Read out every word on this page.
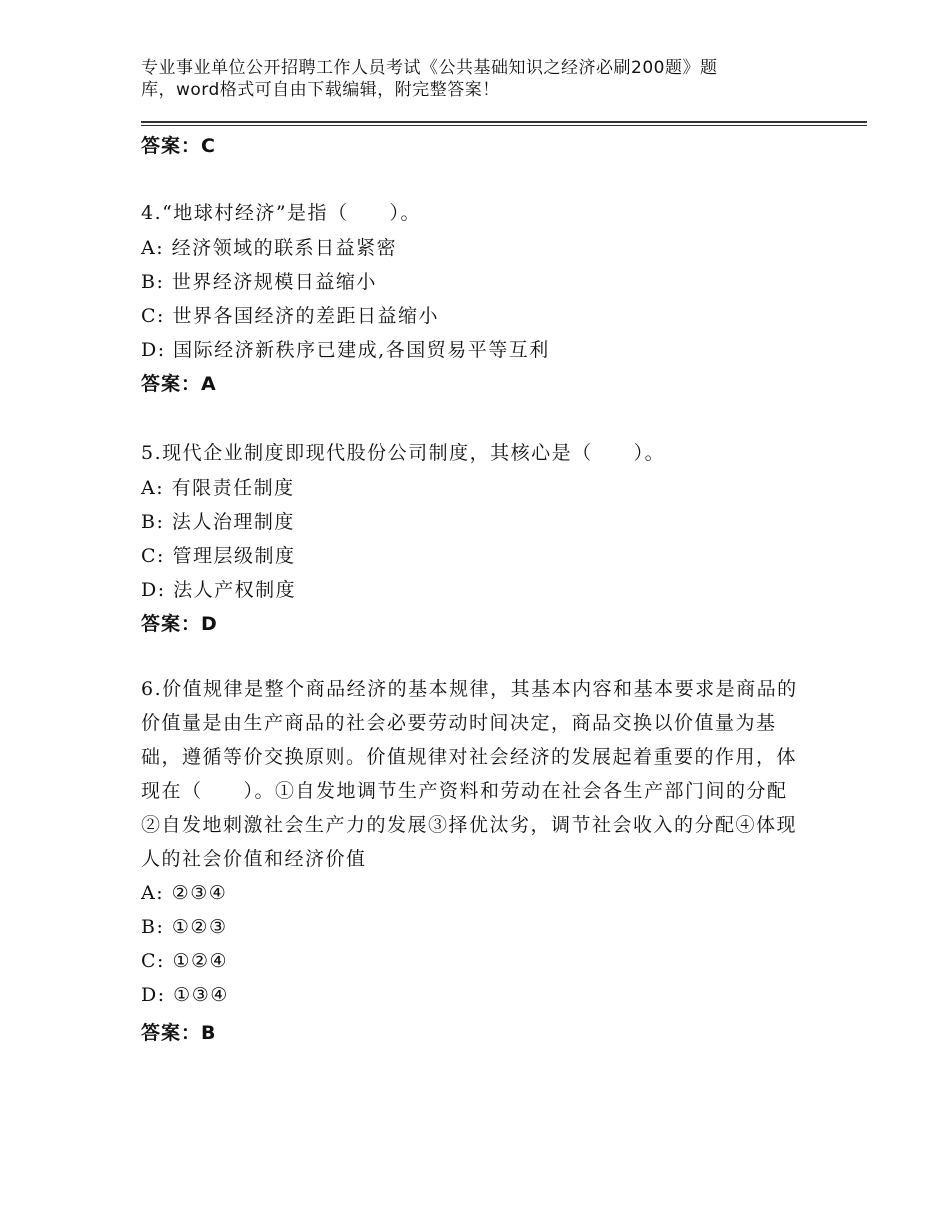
专业事业单位公开招聘工作人员考试《公共基础知识之经济必刷200题》题
库，word格式可自由下载编辑，附完整答案！
答案：C
4.“地球村经济”是指（　　）。
A: 经济领域的联系日益紧密
B: 世界经济规模日益缩小
C: 世界各国经济的差距日益缩小
D: 国际经济新秩序已建成,各国贸易平等互利
答案：A
5.现代企业制度即现代股份公司制度，其核心是（　　）。
A: 有限责任制度
B: 法人治理制度
C: 管理层级制度
D: 法人产权制度
答案：D
6.价值规律是整个商品经济的基本规律，其基本内容和基本要求是商品的价值量是由生产商品的社会必要劳动时间决定，商品交换以价值量为基础，遵循等价交换原则。价值规律对社会经济的发展起着重要的作用，体现在（　　）。①自发地调节生产资料和劳动在社会各生产部门间的分配②自发地刺激社会生产力的发展③择优汰劣，调节社会收入的分配④体现人的社会价值和经济价值
A: ②③④
B: ①②③
C: ①②④
D: ①③④
答案：B
